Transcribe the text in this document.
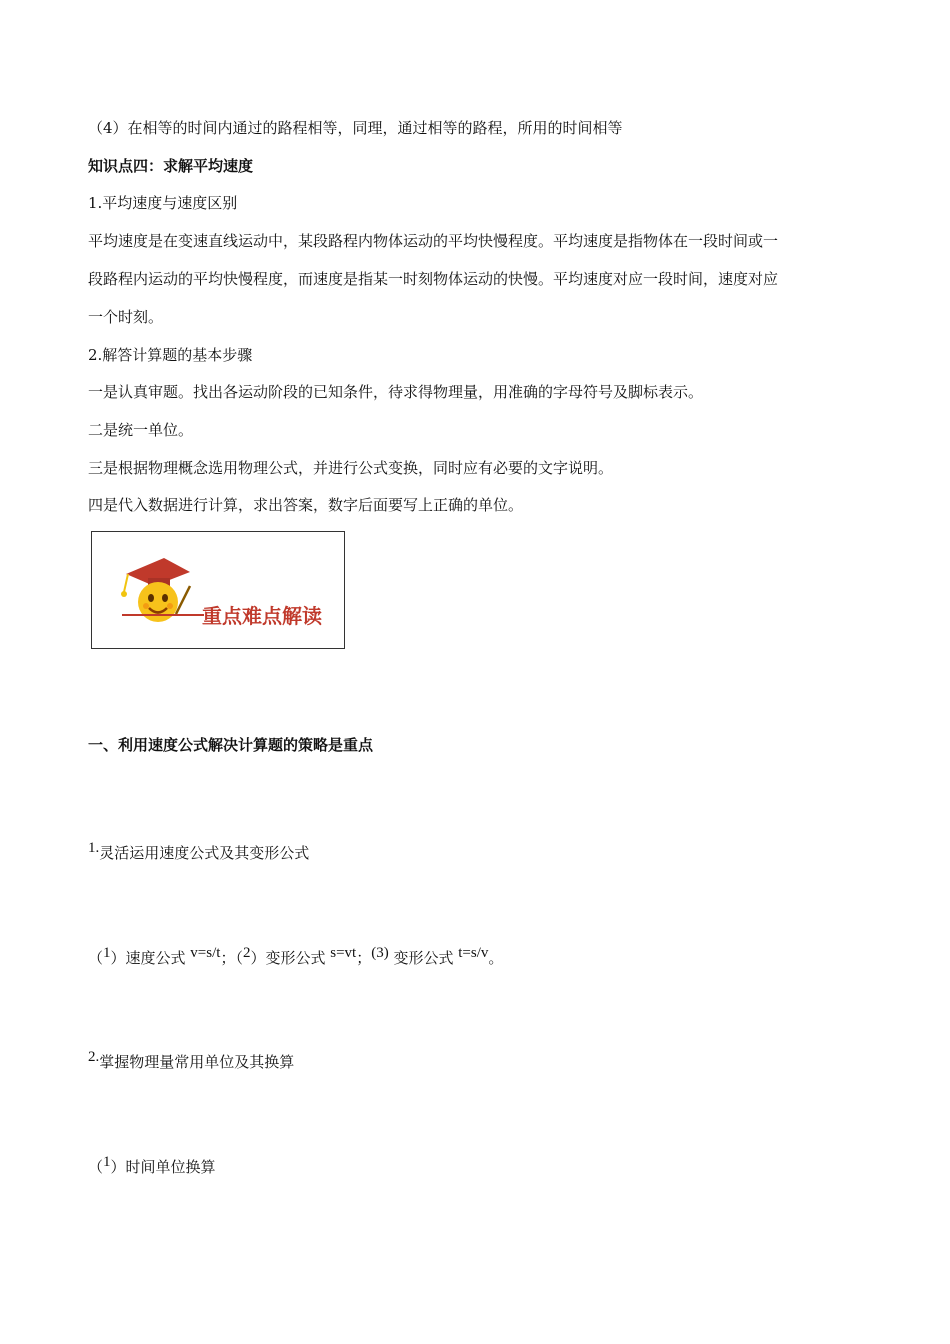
（4）在相等的时间内通过的路程相等，同理，通过相等的路程，所用的时间相等
知识点四：求解平均速度
1.平均速度与速度区别
平均速度是在变速直线运动中，某段路程内物体运动的平均快慢程度。平均速度是指物体在一段时间或一
段路程内运动的平均快慢程度，而速度是指某一时刻物体运动的快慢。平均速度对应一段时间，速度对应
一个时刻。
2.解答计算题的基本步骤
一是认真审题。找出各运动阶段的已知条件，待求得物理量，用准确的字母符号及脚标表示。
二是统一单位。
三是根据物理概念选用物理公式，并进行公式变换，同时应有必要的文字说明。
四是代入数据进行计算，求出答案，数字后面要写上正确的单位。
重点难点解读
一、利用速度公式解决计算题的策略是重点
1.灵活运用速度公式及其变形公式
（1）速度公式 v=s/t；（2）变形公式 s=vt；(3) 变形公式 t=s/v。
2.掌握物理量常用单位及其换算
（1）时间单位换算
